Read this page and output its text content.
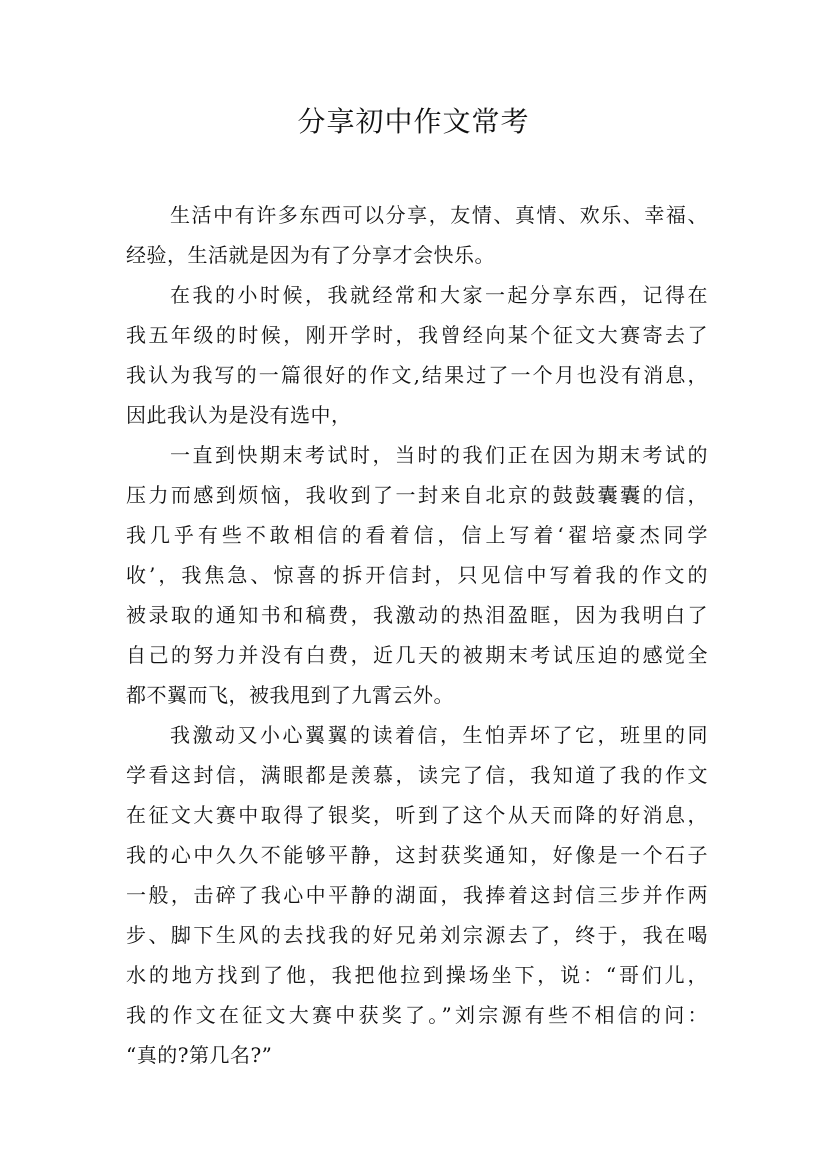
分享初中作文常考
生活中有许多东西可以分享，友情、真情、欢乐、幸福、
经验，生活就是因为有了分享才会快乐。
在我的小时候，我就经常和大家一起分享东西，记得在
我五年级的时候，刚开学时，我曾经向某个征文大赛寄去了
我认为我写的一篇很好的作文,结果过了一个月也没有消息，
因此我认为是没有选中，
一直到快期末考试时，当时的我们正在因为期末考试的
压力而感到烦恼，我收到了一封来自北京的鼓鼓囊囊的信，
我几乎有些不敢相信的看着信，信上写着‘翟培豪杰同学
收’，我焦急、惊喜的拆开信封，只见信中写着我的作文的
被录取的通知书和稿费，我激动的热泪盈眶，因为我明白了
自己的努力并没有白费，近几天的被期末考试压迫的感觉全
都不翼而飞，被我甩到了九霄云外。
我激动又小心翼翼的读着信，生怕弄坏了它，班里的同
学看这封信，满眼都是羡慕，读完了信，我知道了我的作文
在征文大赛中取得了银奖，听到了这个从天而降的好消息，
我的心中久久不能够平静，这封获奖通知，好像是一个石子
一般，击碎了我心中平静的湖面，我捧着这封信三步并作两
步、脚下生风的去找我的好兄弟刘宗源去了，终于，我在喝
水的地方找到了他，我把他拉到操场坐下，说：“哥们儿，
我的作文在征文大赛中获奖了。”刘宗源有些不相信的问：
“真的?第几名?”
